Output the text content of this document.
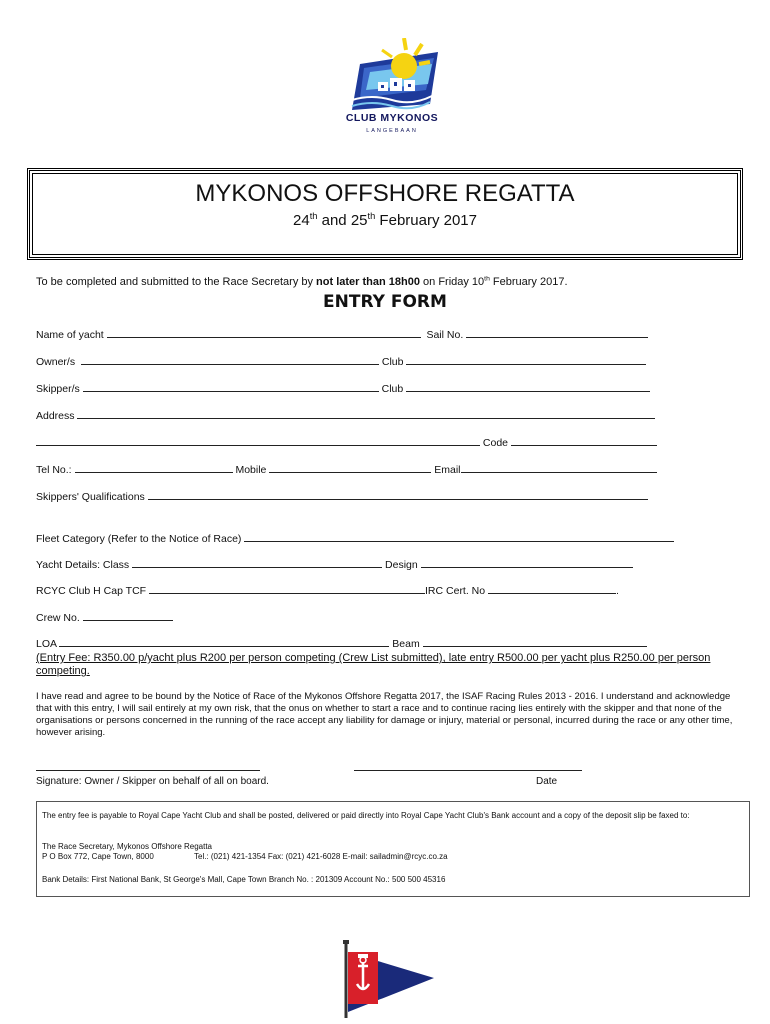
CLUB MYKONOS
LANGEBAAN
MYKONOS OFFSHORE REGATTA
24th and 25th February 2017
To be completed and submitted to the Race Secretary by not later than 18h00 on Friday 10th February 2017.
ENTRY FORM
Name of yacht	Sail No.
Owner/s	Club
Skipper/s	Club
Address
Code
Tel No.:	Mobile	Email
Skippers' Qualifications
Fleet Category (Refer to the Notice of Race)
Yacht Details: Class	Design
RCYC Club H Cap TCF	IRC Cert. No	.
Crew No.
LOA	Beam
(Entry Fee: R350.00 p/yacht plus R200 per person competing (Crew List submitted), late entry R500.00 per yacht plus R250.00 per person competing.
I have read and agree to be bound by the Notice of Race of the Mykonos Offshore Regatta 2017, the ISAF Racing Rules 2013 - 2016. I understand and acknowledge that with this entry, I will sail entirely at my own risk, that the onus on whether to start a race and to continue racing lies entirely with the skipper and that none of the organisations or persons concerned in the running of the race accept any liability for damage or injury, material or personal, incurred during the race or any other time, however arising.
Signature: Owner / Skipper on behalf of all on board.	Date
The entry fee is payable to Royal Cape Yacht Club and shall be posted, delivered or paid directly into Royal Cape Yacht Club's Bank account and a copy of the deposit slip be faxed to:
The Race Secretary, Mykonos Offshore Regatta
P O Box 772, Cape Town, 8000	Tel.: (021) 421-1354 Fax: (021) 421-6028 E-mail: sailadmin@rcyc.co.za
Bank Details: First National Bank, St George's Mall, Cape Town Branch No. : 201309 Account No.: 500 500 45316
